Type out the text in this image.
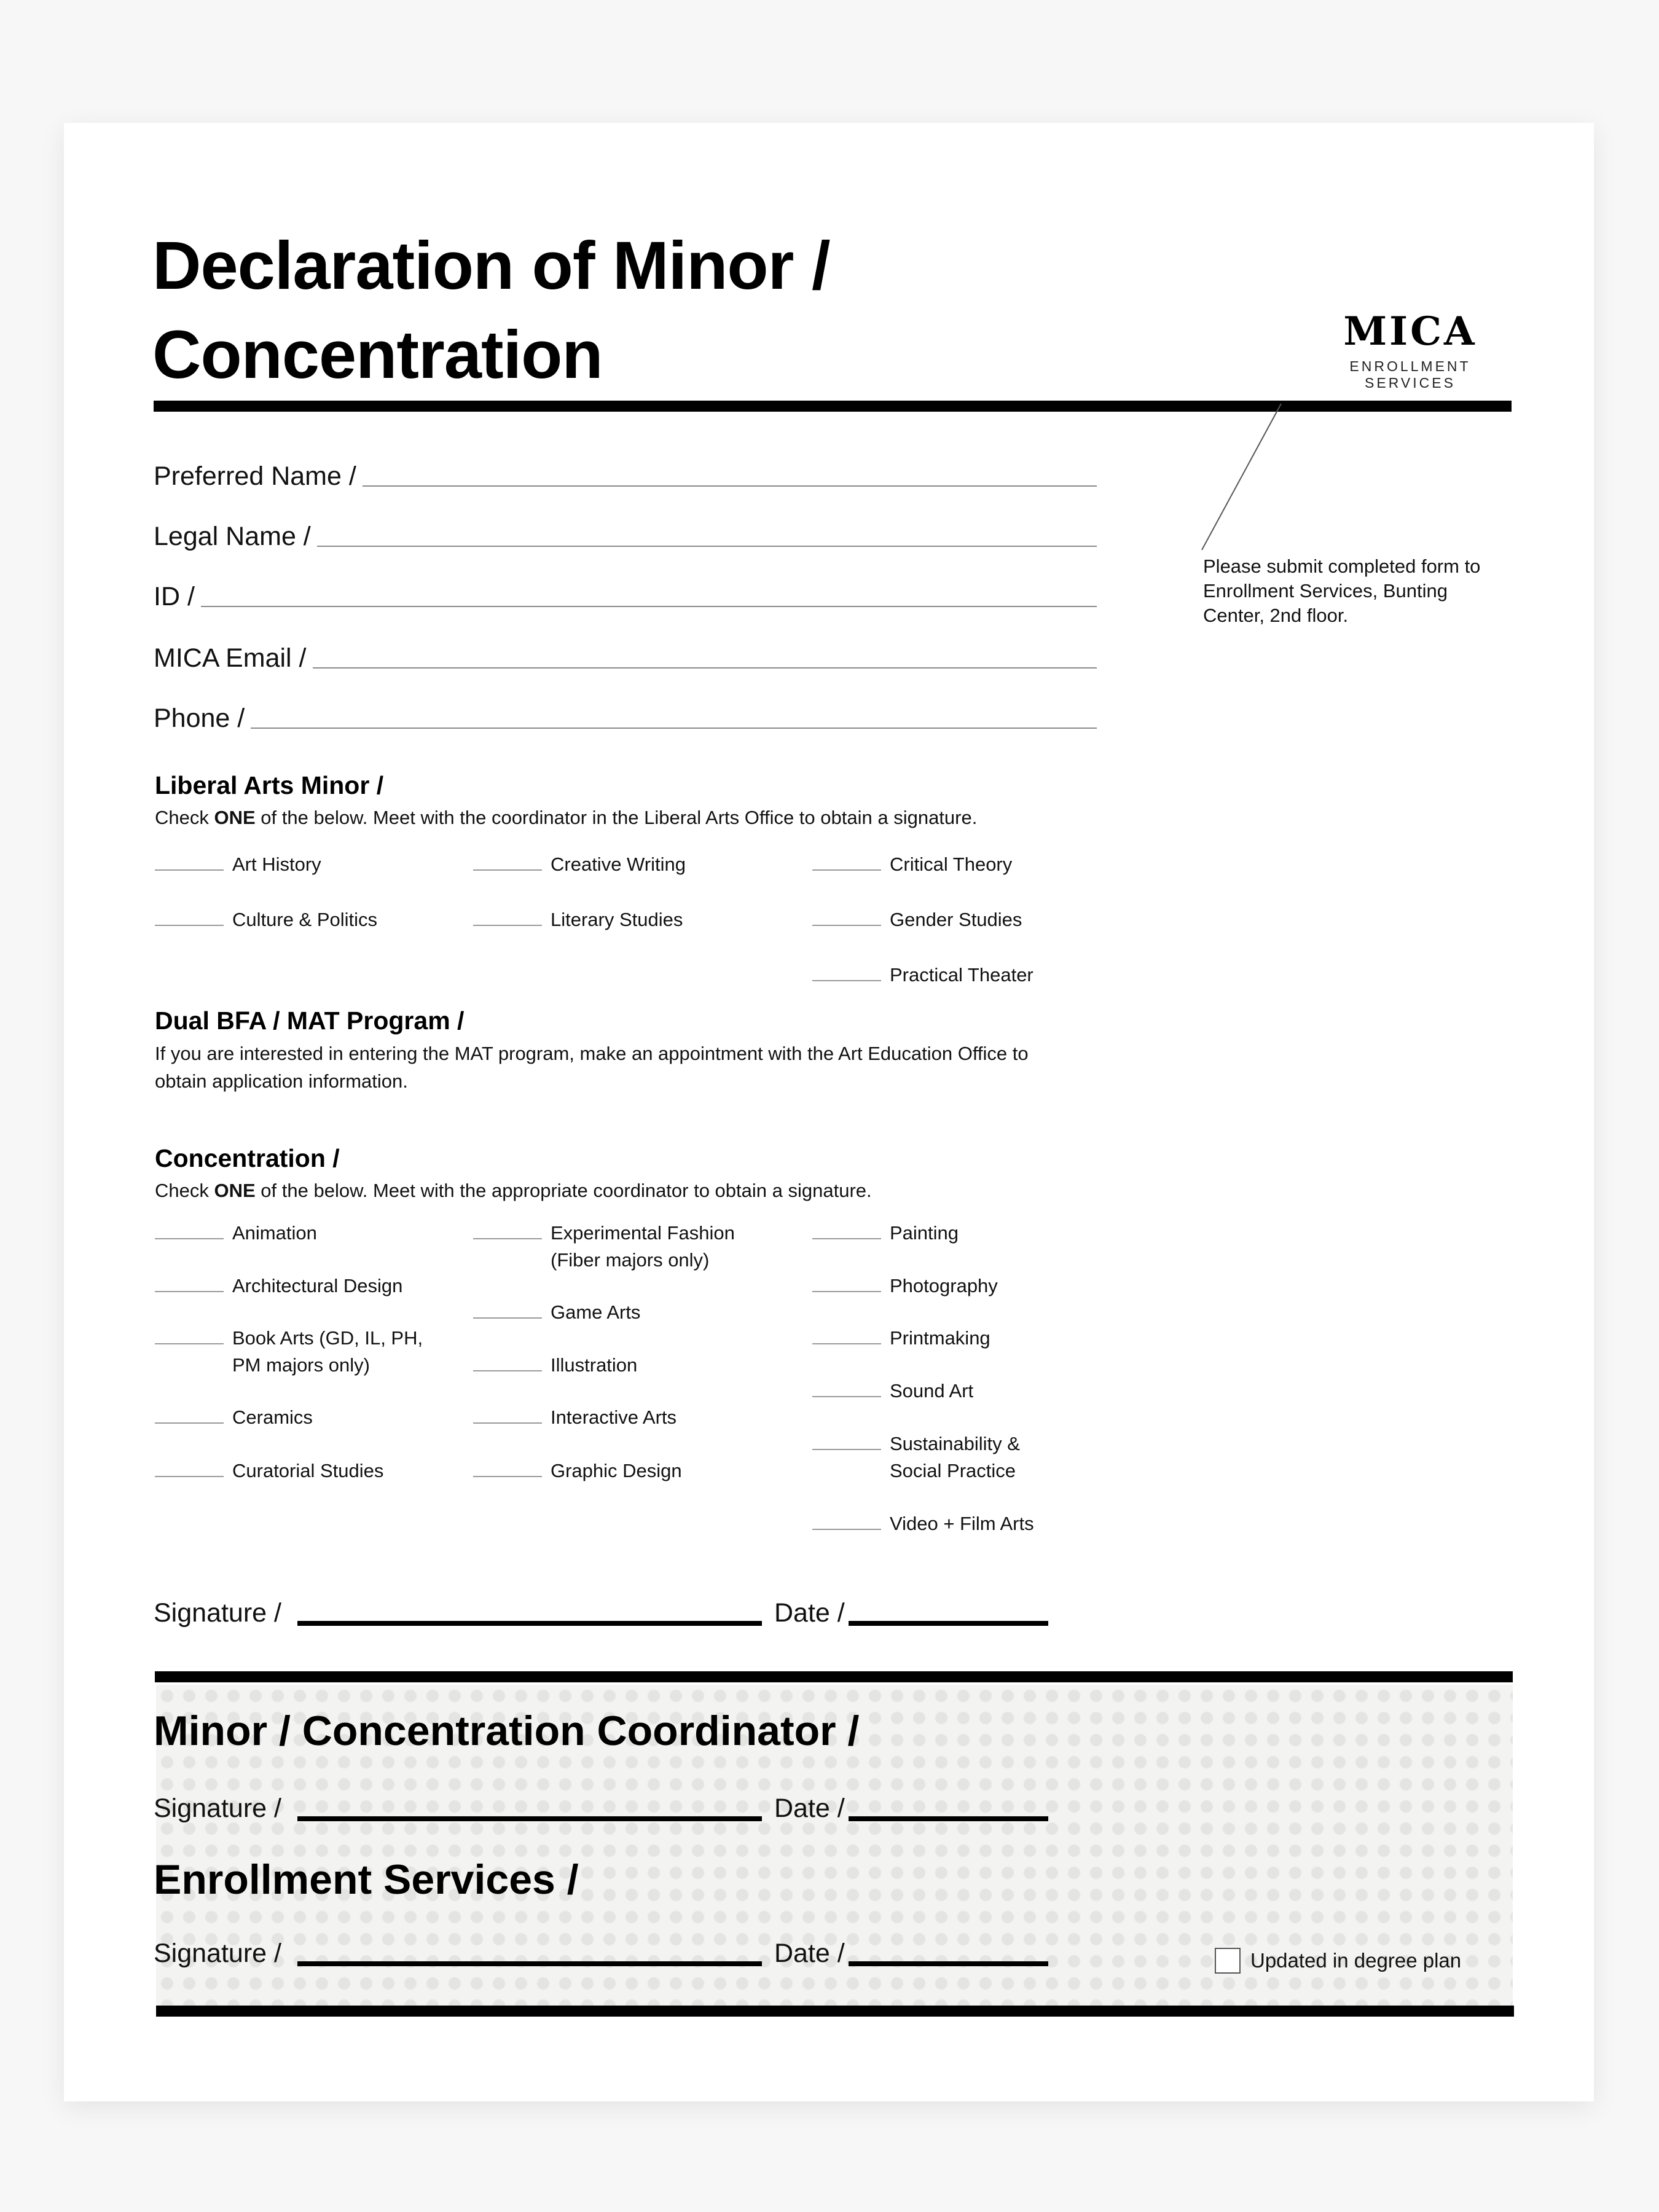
Declaration of Minor /
Concentration	MICA
ENROLLMENT SERVICES
Please submit completed form to Enrollment Services, Bunting Center, 2nd floor.
Preferred Name /
Legal Name /
ID /
MICA Email /
Phone /
Liberal Arts Minor /
Check ONE of the below. Meet with the coordinator in the Liberal Arts Office to obtain a signature.
Art History	Creative Writing	Critical Theory
Culture & Politics	Literary Studies	Gender Studies
Practical Theater
Dual BFA / MAT Program /
If you are interested in entering the MAT program, make an appointment with the Art Education Office to obtain application information.
Concentration /
Check ONE of the below. Meet with the appropriate coordinator to obtain a signature.
Animation
Architectural Design
Book Arts (GD, IL, PH, PM majors only)
Ceramics
Curatorial Studies
Experimental Fashion (Fiber majors only)
Game Arts
Illustration
Interactive Arts
Graphic Design
Painting
Photography
Printmaking
Sound Art
Sustainability & Social Practice
Video + Film Arts
Signature /	Date /
Minor / Concentration Coordinator /
Signature /	Date /
Enrollment Services /
Signature /	Date /	Updated in degree plan
